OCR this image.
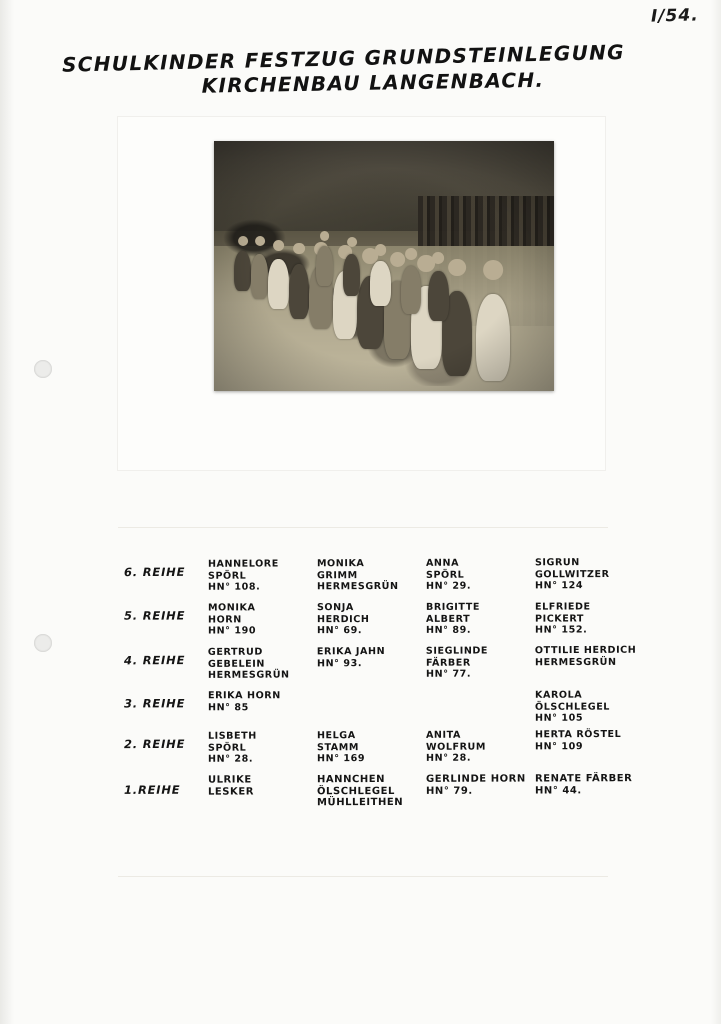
I/54.
SCHULKINDER FESTZUG GRUNDSTEINLEGUNG
KIRCHENBAU LANGENBACH.
6. REIHE
HANNELORE
SPÖRL
HN° 108.
MONIKA
GRIMM
HERMESGRÜN
ANNA
SPÖRL
HN° 29.
SIGRUN
GOLLWITZER
HN° 124
5. REIHE
MONIKA
HORN
HN° 190
SONJA
HERDICH
HN° 69.
BRIGITTE
ALBERT
HN° 89.
ELFRIEDE
PICKERT
HN° 152.
4. REIHE
GERTRUD
GEBELEIN
HERMESGRÜN
ERIKA JAHN
HN° 93.
SIEGLINDE
FÄRBER
HN° 77.
OTTILIE HERDICH
HERMESGRÜN
3. REIHE
ERIKA HORN
HN° 85
KAROLA
ÖLSCHLEGEL
HN° 105
2. REIHE
LISBETH
SPÖRL
HN° 28.
HELGA
STAMM
HN° 169
ANITA
WOLFRUM
HN° 28.
HERTA RÖSTEL
HN° 109
1.REIHE
ULRIKE
LESKER
HANNCHEN
ÖLSCHLEGEL
MÜHLLEITHEN
GERLINDE HORN
HN° 79.
RENATE FÄRBER
HN° 44.
